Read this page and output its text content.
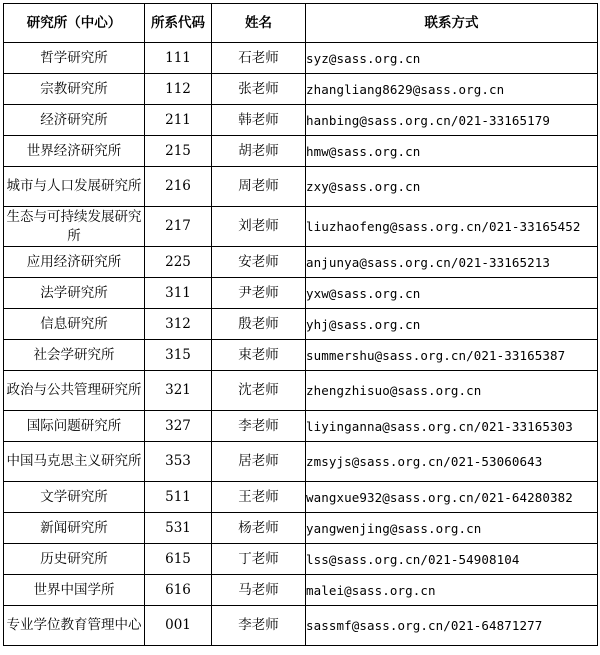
研究所（中心）	所系代码	姓名	联系方式
哲学研究所	111	石老师	syz@sass.org.cn
宗教研究所	112	张老师	zhangliang8629@sass.org.cn
经济研究所	211	韩老师	hanbing@sass.org.cn/021-33165179
世界经济研究所	215	胡老师	hmw@sass.org.cn
城市与人口发展研究所	216	周老师	zxy@sass.org.cn
生态与可持续发展研究所	217	刘老师	liuzhaofeng@sass.org.cn/021-33165452
应用经济研究所	225	安老师	anjunya@sass.org.cn/021-33165213
法学研究所	311	尹老师	yxw@sass.org.cn
信息研究所	312	殷老师	yhj@sass.org.cn
社会学研究所	315	束老师	summershu@sass.org.cn/021-33165387
政治与公共管理研究所	321	沈老师	zhengzhisuo@sass.org.cn
国际问题研究所	327	李老师	liyinganna@sass.org.cn/021-33165303
中国马克思主义研究所	353	居老师	zmsyjs@sass.org.cn/021-53060643
文学研究所	511	王老师	wangxue932@sass.org.cn/021-64280382
新闻研究所	531	杨老师	yangwenjing@sass.org.cn
历史研究所	615	丁老师	lss@sass.org.cn/021-54908104
世界中国学所	616	马老师	malei@sass.org.cn
专业学位教育管理中心	001	李老师	sassmf@sass.org.cn/021-64871277
